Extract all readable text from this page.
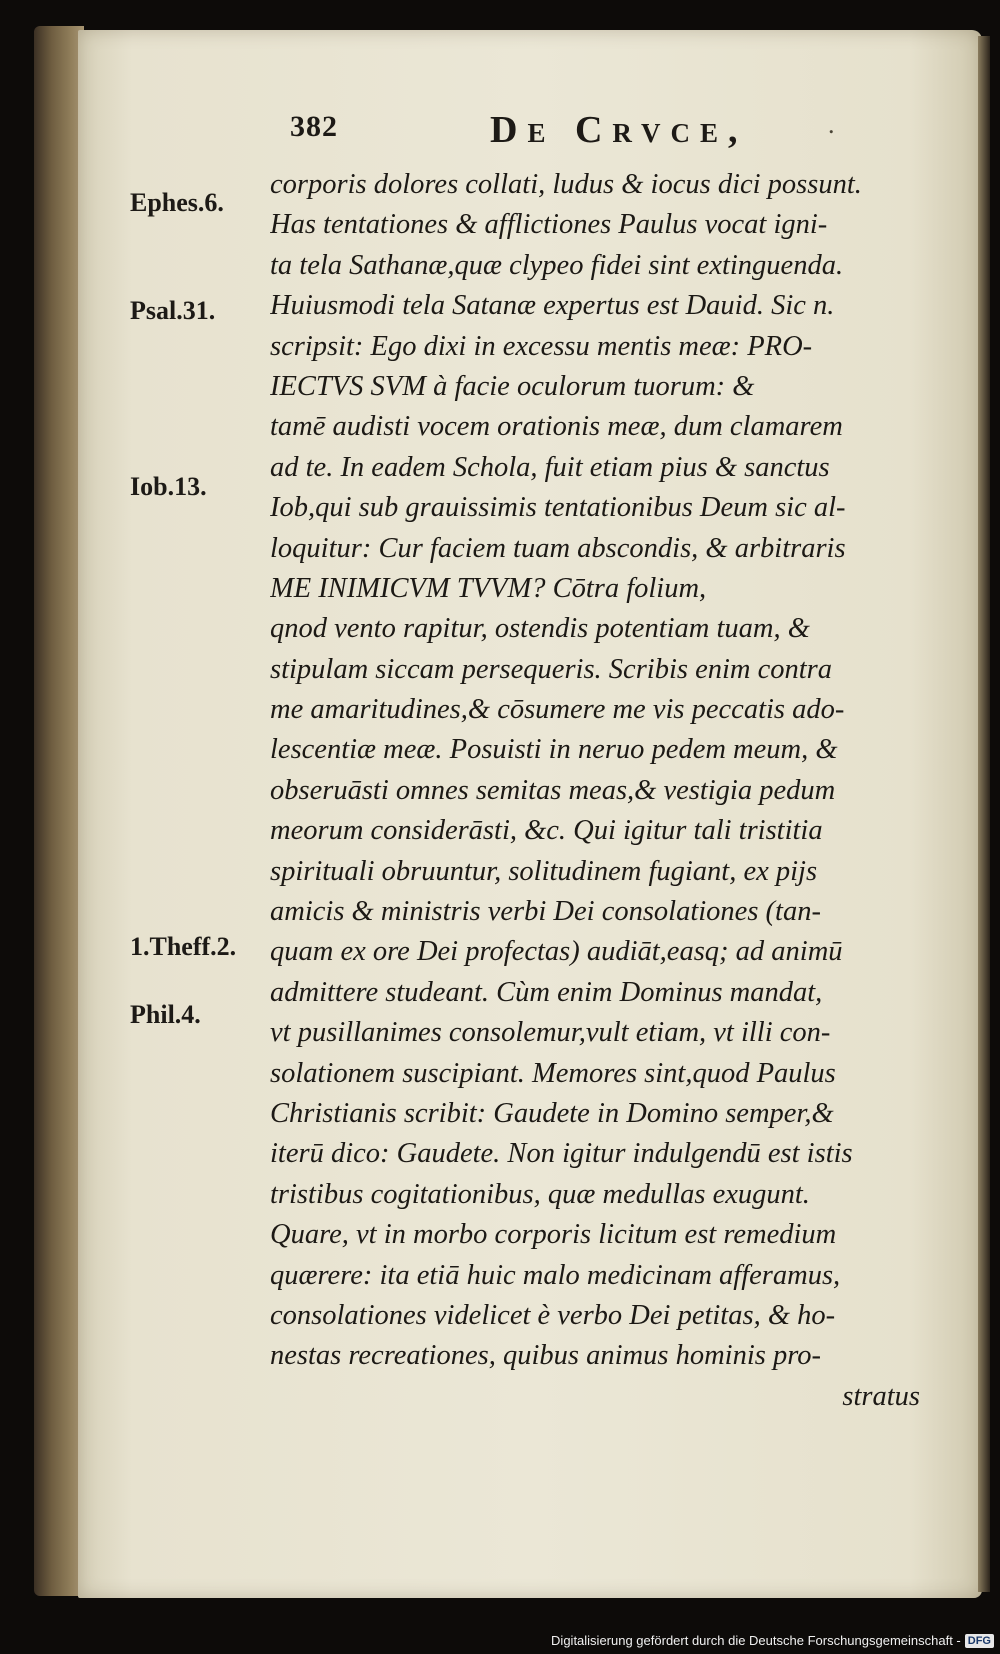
382	De Crvce,	.
Ephes.6.
Psal.31.
Iob.13.
1.Theff.2.
Phil.4.
corporis dolores collati, ludus & iocus dici possunt.
Has tentationes & afflictiones Paulus vocat igni-
ta tela Sathanæ,quæ clypeo fidei sint extinguenda.
Huiusmodi tela Satanæ expertus est Dauid. Sic n.
scripsit: Ego dixi in excessu mentis meæ: PRO-
IECTVS SVM à facie oculorum tuorum: &
tamē audisti vocem orationis meæ, dum clamarem
ad te. In eadem Schola, fuit etiam pius & sanctus
Iob,qui sub grauissimis tentationibus Deum sic al-
loquitur: Cur faciem tuam abscondis, & arbitraris
ME INIMICVM TVVM? Cōtra folium,
qnod vento rapitur, ostendis potentiam tuam, &
stipulam siccam persequeris. Scribis enim contra
me amaritudines,& cōsumere me vis peccatis ado-
lescentiæ meæ. Posuisti in neruo pedem meum, &
obseruāsti omnes semitas meas,& vestigia pedum
meorum considerāsti, &c. Qui igitur tali tristitia
spirituali obruuntur, solitudinem fugiant, ex pijs
amicis & ministris verbi Dei consolationes (tan-
quam ex ore Dei profectas) audiāt,easq; ad animū
admittere studeant. Cùm enim Dominus mandat,
vt pusillanimes consolemur,vult etiam, vt illi con-
solationem suscipiant. Memores sint,quod Paulus
Christianis scribit: Gaudete in Domino semper,&
iterū dico: Gaudete. Non igitur indulgendū est istis
tristibus cogitationibus, quæ medullas exugunt.
Quare, vt in morbo corporis licitum est remedium
quærere: ita etiā huic malo medicinam afferamus,
consolationes videlicet è verbo Dei petitas, & ho-
nestas recreationes, quibus animus hominis pro-
stratus
Digitalisierung gefördert durch die Deutsche Forschungsgemeinschaft - DFG
